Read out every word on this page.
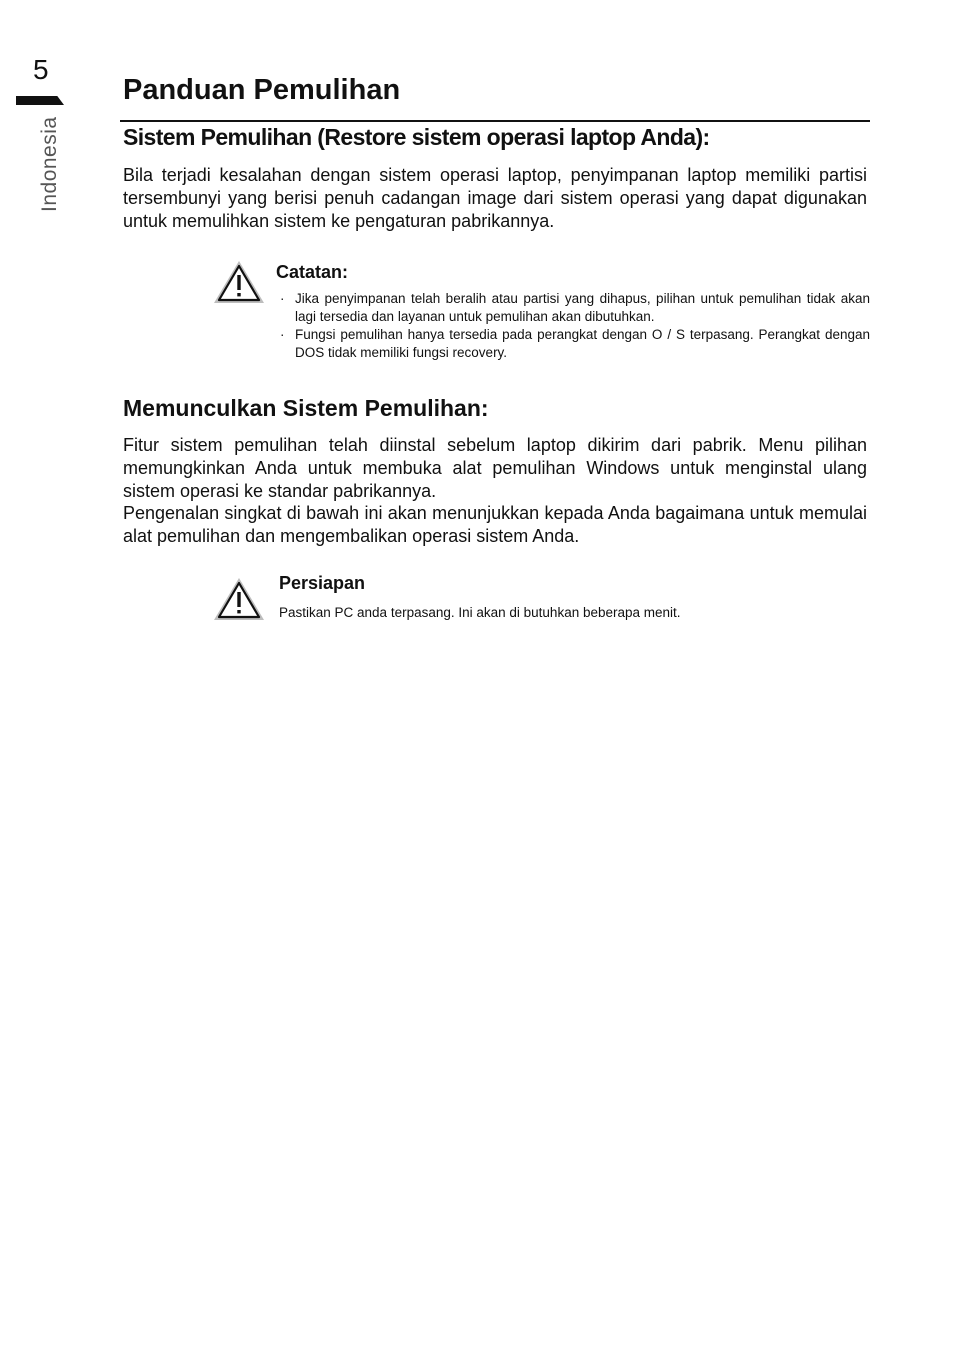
5
Indonesia
Panduan Pemulihan
Sistem Pemulihan (Restore sistem operasi laptop Anda):

Bila terjadi kesalahan dengan sistem operasi laptop, penyimpanan laptop memiliki partisi tersembunyi yang berisi penuh cadangan image dari sistem operasi yang dapat digunakan untuk memulihkan sistem ke pengaturan pabrikannya.

Catatan:
· Jika penyimpanan telah beralih atau partisi yang dihapus, pilihan untuk pemulihan tidak akan lagi tersedia dan layanan untuk pemulihan akan dibutuhkan.
· Fungsi pemulihan hanya tersedia pada perangkat dengan O / S terpasang. Perangkat dengan DOS tidak memiliki fungsi recovery.
Memunculkan Sistem Pemulihan:

Fitur sistem pemulihan telah diinstal sebelum laptop dikirim dari pabrik. Menu pilihan memungkinkan Anda untuk membuka alat pemulihan Windows untuk menginstal ulang sistem operasi ke standar pabrikannya.

Pengenalan singkat di bawah ini akan menunjukkan kepada Anda bagaimana untuk memulai alat pemulihan dan mengembalikan operasi sistem Anda.

Persiapan

Pastikan PC anda terpasang. Ini akan di butuhkan beberapa menit.
